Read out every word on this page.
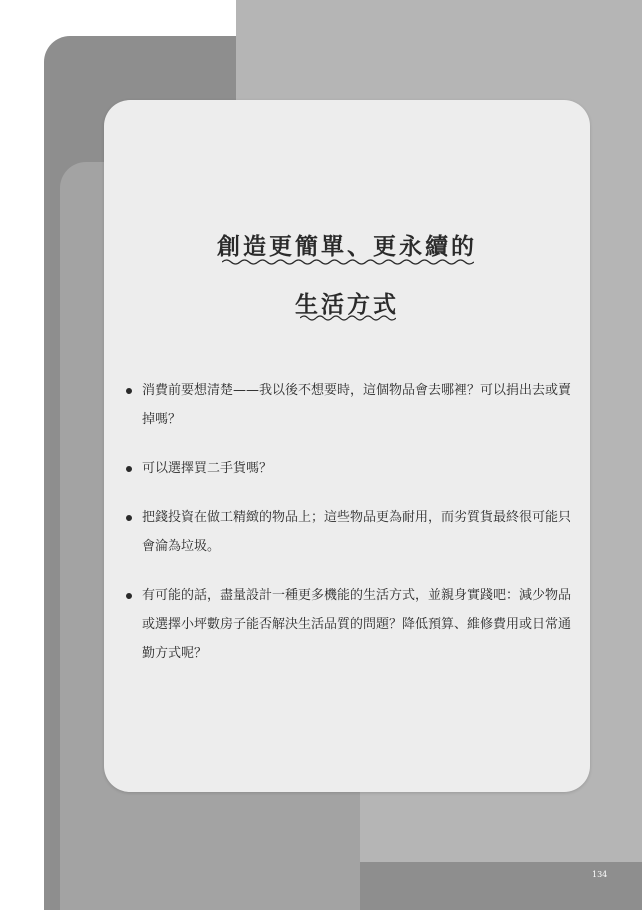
創造更簡單、更永續的
生活方式
消費前要想清楚——我以後不想要時，這個物品會去哪裡？可以捐出去或賣掉嗎？
可以選擇買二手貨嗎？
把錢投資在做工精緻的物品上；這些物品更為耐用，而劣質貨最終很可能只會淪為垃圾。
有可能的話，盡量設計一種更多機能的生活方式，並親身實踐吧：減少物品或選擇小坪數房子能否解決生活品質的問題？降低預算、維修費用或日常通勤方式呢？
134
